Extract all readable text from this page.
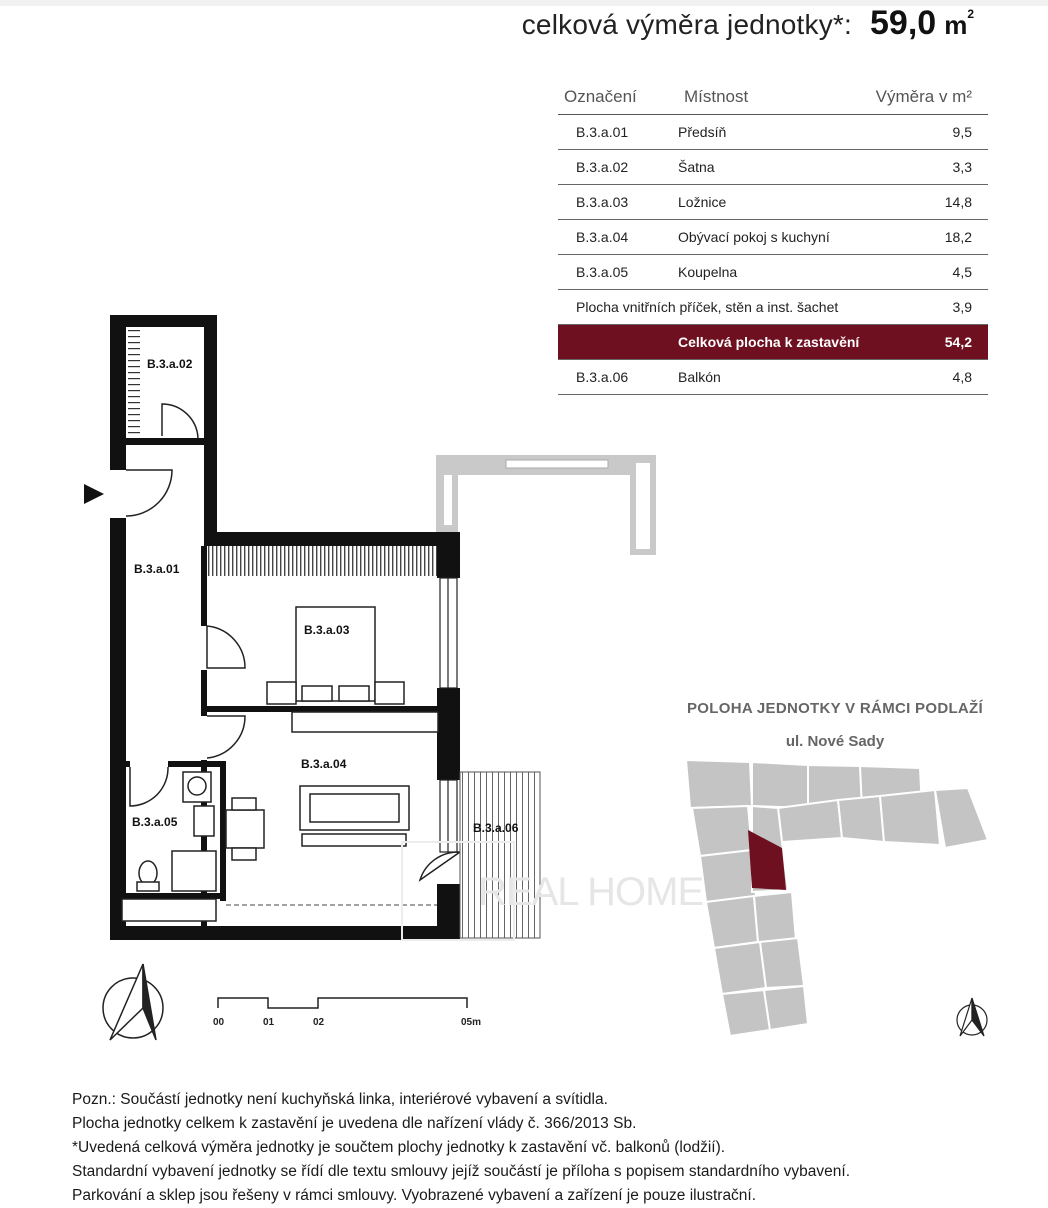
celková výměra jednotky*: 59,0 $m^2$
Označení	Místnost	Výměra v m²
B.3.a.01	Předsíň	9,5
B.3.a.02	Šatna	3,3
B.3.a.03	Ložnice	14,8
B.3.a.04	Obývací pokoj s kuchyní	18,2
B.3.a.05	Koupelna	4,5
Plocha vnitřních příček, stěn a inst. šachet		3,9
	Celková plocha k zastavění	54,2
B.3.a.06	Balkón	4,8
B.3.a.02
B.3.a.01
B.3.a.03
B.3.a.04
B.3.a.05	B.3.a.06
REAL HOME
00	01	02	05m
POLOHA JEDNOTKY V RÁMCI PODLAŽÍ
ul. Nové Sady
Pozn.: Součástí jednotky není kuchyňská linka, interiérové vybavení a svítidla.
Plocha jednotky celkem k zastavění je uvedena dle nařízení vlády č. 366/2013 Sb.
*Uvedená celková výměra jednotky je součtem plochy jednotky k zastavění vč. balkonů (lodžií).
Standardní vybavení jednotky se řídí dle textu smlouvy jejíž součástí je příloha s popisem standardního vybavení.
Parkování a sklep jsou řešeny v rámci smlouvy. Vyobrazené vybavení a zařízení je pouze ilustrační.
